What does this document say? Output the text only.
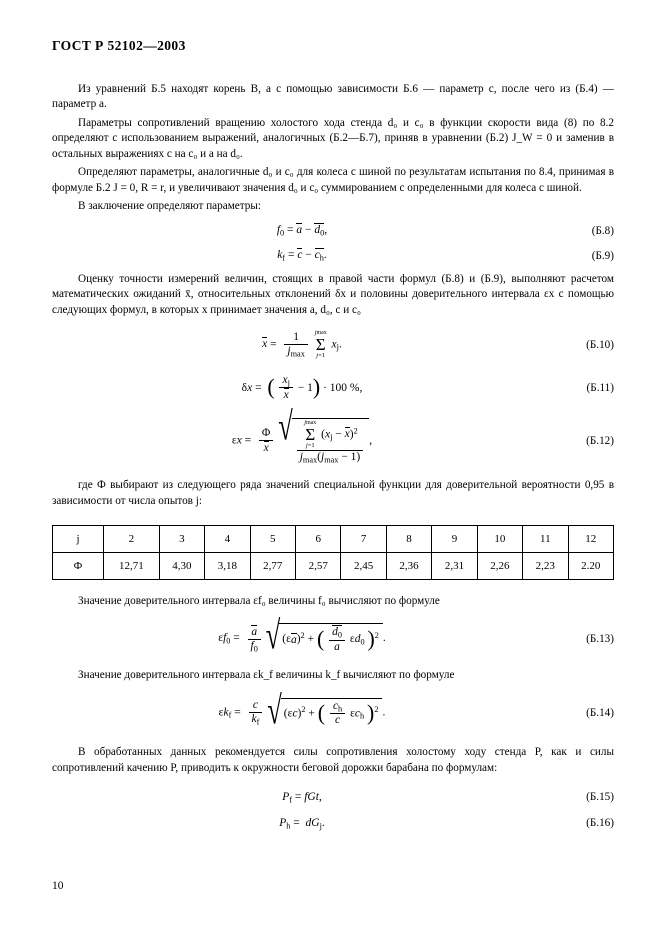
ГОСТ Р 52102—2003

Из уравнений Б.5 находят корень В, а с помощью зависимости Б.6 — параметр c, после чего из (Б.4) — параметр a.

Параметры сопротивлений вращению холостого хода стенда d₀ и c₀ в функции скорости вида (8) по 8.2 определяют с использованием выражений, аналогичных (Б.2—Б.7), приняв в уравнении (Б.2) J_W = 0 и заменив в остальных выражениях c на c₀ и a на d₀.

Определяют параметры, аналогичные d₀ и c₀ для колеса с шиной по результатам испытания по 8.4, принимая в формуле Б.2 J = 0, R = r, и увеличивают значения d₀ и c₀ суммированием с определенными для колеса с шиной.

В заключение определяют параметры:

$f_0 = a - d_0$,	(Б.8)
$k_f = c - c_h$.	(Б.9)

Оценку точности измерений величин, стоящих в правой части формул (Б.8) и (Б.9), выполняют расчетом математических ожиданий x̄, относительных отклонений δx и половины доверительного интервала εx с помощью следующих формул, в которых x принимает значения a, d₀, c и c₀

$x = \frac{1}{j_{max}}$
jmax
Σ
j=1
$x_j$.	(Б.10)
δx =  ( $\frac{x_j}{x} - 1) \cdot 100$ %,	(Б.11)
$\varepsilon x = \frac{\Phi}{x}$
√ jmax
Σ
j=1
$(x_j - x)^2$
$j_{max}(j_{max} - 1)$ ,	(Б.12)

где Ф выбирают из следующего ряда значений специальной функции для доверительной вероятности 0,95 в зависимости от числа опытов j:

j	2	3	4	5	6	7	8	9	10	11	12
Ф	12,71	4,30	3,18	2,77	2,57	2,45	2,36	2,31	2,26	2,23	2.20

Значение доверительного интервала εf₀ величины f₀ вычисляют по формуле

$\varepsilon f_0 = \frac{a}{f_0}$
√ $(\varepsilon a)^2$ + ( $\frac{d_0}{a} \varepsilon d_0$ )$^2$ .	(Б.13)

Значение доверительного интервала εk_f величины k_f вычисляют по формуле

$\varepsilon k_f = \frac{c}{k_f}$
√ $(\varepsilon c)^2$ + ( $\frac{c_h}{c} \varepsilon c_h$ )$^2$ .	(Б.14)

В обработанных данных рекомендуется силы сопротивления холостому ходу стенда P, как и силы сопротивлений качению P, приводить к окружности беговой дорожки барабана по формулам:

$P_f$ = fGt,	(Б.15)
$P_h = dG_j$.	(Б.16)
10
